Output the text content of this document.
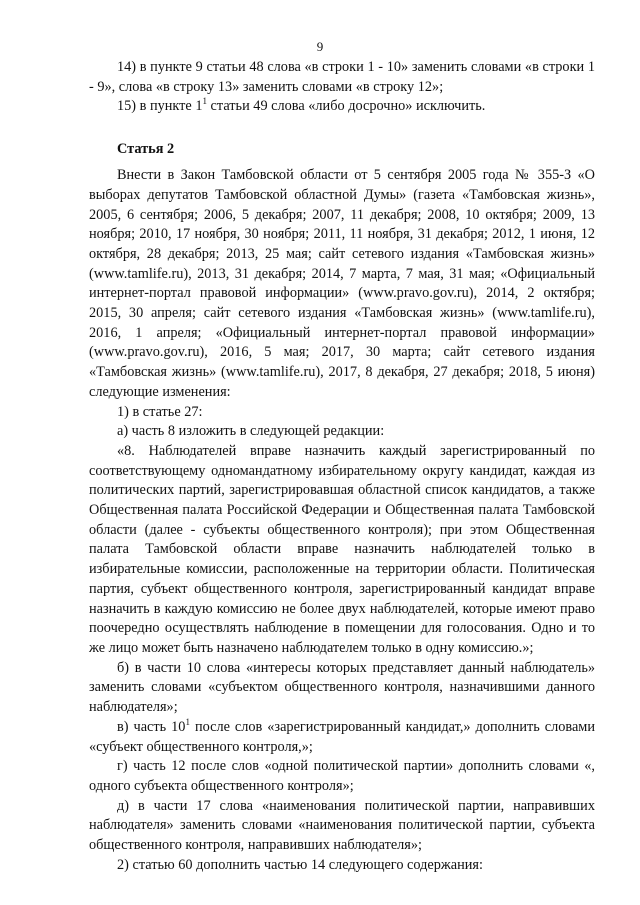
9

14) в пункте 9 статьи 48 слова «в строки 1 - 10» заменить словами «в строки 1 - 9», слова «в строку 13» заменить словами «в строку 12»;

15) в пункте $1^1$ статьи 49 слова «либо досрочно» исключить.

Статья 2

Внести в Закон Тамбовской области от 5 сентября 2005 года № 355-З «О выборах депутатов Тамбовской областной Думы» (газета «Тамбовская жизнь», 2005, 6 сентября; 2006, 5 декабря; 2007, 11 декабря; 2008, 10 октября; 2009, 13 ноября; 2010, 17 ноября, 30 ноября; 2011, 11 ноября, 31 декабря; 2012, 1 июня, 12 октября, 28 декабря; 2013, 25 мая; сайт сетевого издания «Тамбовская жизнь» (www.tamlife.ru), 2013, 31 декабря; 2014, 7 марта, 7 мая, 31 мая; «Официальный интернет-портал правовой информации» (www.pravo.gov.ru), 2014, 2 октября; 2015, 30 апреля; сайт сетевого издания «Тамбовская жизнь» (www.tamlife.ru), 2016, 1 апреля; «Официальный интернет-портал правовой информации» (www.pravo.gov.ru), 2016, 5 мая; 2017, 30 марта; сайт сетевого издания «Тамбовская жизнь» (www.tamlife.ru), 2017, 8 декабря, 27 декабря; 2018, 5 июня) следующие изменения:

1) в статье 27:

а) часть 8 изложить в следующей редакции:

«8. Наблюдателей вправе назначить каждый зарегистрированный по соответствующему одномандатному избирательному округу кандидат, каждая из политических партий, зарегистрировавшая областной список кандидатов, а также Общественная палата Российской Федерации и Общественная палата Тамбовской области (далее - субъекты общественного контроля); при этом Общественная палата Тамбовской области вправе назначить наблюдателей только в избирательные комиссии, расположенные на территории области. Политическая партия, субъект общественного контроля, зарегистрированный кандидат вправе назначить в каждую комиссию не более двух наблюдателей, которые имеют право поочередно осуществлять наблюдение в помещении для голосования. Одно и то же лицо может быть назначено наблюдателем только в одну комиссию.»;

б) в части 10 слова «интересы которых представляет данный наблюдатель» заменить словами «субъектом общественного контроля, назначившими данного наблюдателя»;

в) часть $10^1$ после слов «зарегистрированный кандидат,» дополнить словами «субъект общественного контроля,»;

г) часть 12 после слов «одной политической партии» дополнить словами «, одного субъекта общественного контроля»;

д) в части 17 слова «наименования политической партии, направивших наблюдателя» заменить словами «наименования политической партии, субъекта общественного контроля, направивших наблюдателя»;

2) статью 60 дополнить частью 14 следующего содержания:
